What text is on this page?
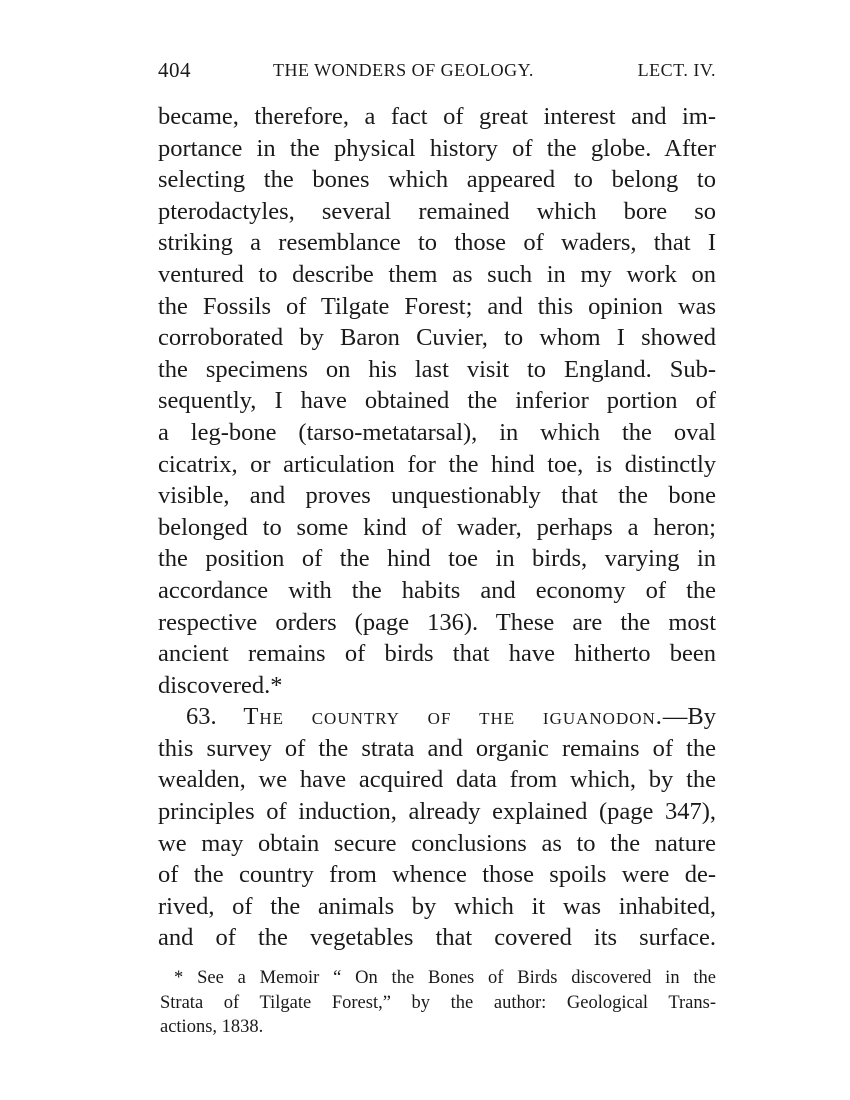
404	THE WONDERS OF GEOLOGY.	LECT. IV.
became, therefore, a fact of great interest and im-
portance in the physical history of the globe. After
selecting the bones which appeared to belong to
pterodactyles, several remained which bore so
striking a resemblance to those of waders, that I
ventured to describe them as such in my work on
the Fossils of Tilgate Forest; and this opinion was
corroborated by Baron Cuvier, to whom I showed
the specimens on his last visit to England. Sub-
sequently, I have obtained the inferior portion of
a leg-bone (tarso-metatarsal), in which the oval
cicatrix, or articulation for the hind toe, is distinctly
visible, and proves unquestionably that the bone
belonged to some kind of wader, perhaps a heron;
the position of the hind toe in birds, varying in
accordance with the habits and economy of the
respective orders (page 136). These are the most
ancient remains of birds that have hitherto been
discovered.*
63. The country of the iguanodon.—By
this survey of the strata and organic remains of the
wealden, we have acquired data from which, by the
principles of induction, already explained (page 347),
we may obtain secure conclusions as to the nature
of the country from whence those spoils were de-
rived, of the animals by which it was inhabited,
and of the vegetables that covered its surface.
* See a Memoir “ On the Bones of Birds discovered in the
Strata of Tilgate Forest,” by the author: Geological Trans-
actions, 1838.
